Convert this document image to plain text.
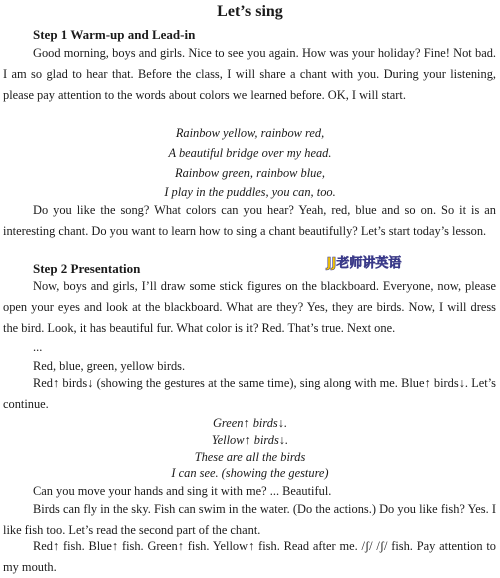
Let’s sing
Step 1 Warm-up and Lead-in

Good morning, boys and girls. Nice to see you again. How was your holiday? Fine! Not bad. I am so glad to hear that. Before the class, I will share a chant with you. During your listening, please pay attention to the words about colors we learned before. OK, I will start.

Rainbow yellow, rainbow red,
A beautiful bridge over my head.
Rainbow green, rainbow blue,
I play in the puddles, you can, too.

Do you like the song? What colors can you hear? Yeah, red, blue and so on. So it is an interesting chant. Do you want to learn how to sing a chant beautifully? Let’s start today’s lesson.

JJ老师讲英语
Step 2 Presentation

Now, boys and girls, I’ll draw some stick figures on the blackboard. Everyone, now, please open your eyes and look at the blackboard. What are they? Yes, they are birds. Now, I will dress the bird. Look, it has beautiful fur. What color is it? Red. That’s true. Next one.

...
Red, blue, green, yellow birds.

Red↑ birds↓ (showing the gestures at the same time), sing along with me. Blue↑ birds↓. Let’s continue.

Green↑ birds↓.
Yellow↑ birds↓.
These are all the birds
I can see. (showing the gesture)
Can you move your hands and sing it with me? ... Beautiful.

Birds can fly in the sky. Fish can swim in the water. (Do the actions.) Do you like fish? Yes. I like fish too. Let’s read the second part of the chant.

Red↑ fish. Blue↑ fish. Green↑ fish. Yellow↑ fish. Read after me. /ʃ/ /ʃ/ fish. Pay attention to my mouth.
